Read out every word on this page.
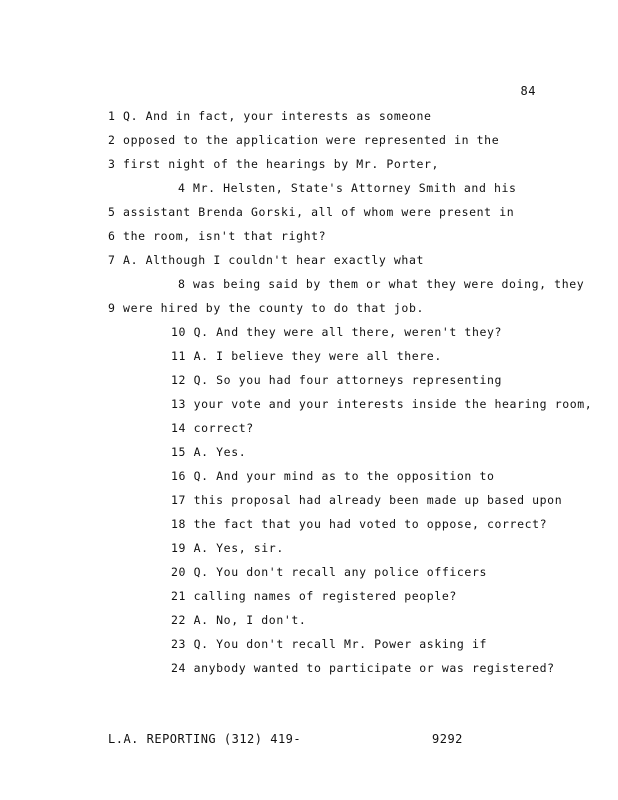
84
1 Q. And in fact, your interests as someone
2 opposed to the application were represented in the
3 first night of the hearings by Mr. Porter,
4 Mr. Helsten, State's Attorney Smith and his
5 assistant Brenda Gorski, all of whom were present in
6 the room, isn't that right?
7 A. Although I couldn't hear exactly what
8 was being said by them or what they were doing, they
9 were hired by the county to do that job.
10 Q. And they were all there, weren't they?
11 A. I believe they were all there.
12 Q. So you had four attorneys representing
13 your vote and your interests inside the hearing room,
14 correct?
15 A. Yes.
16 Q. And your mind as to the opposition to
17 this proposal had already been made up based upon
18 the fact that you had voted to oppose, correct?
19 A. Yes, sir.
20 Q. You don't recall any police officers
21 calling names of registered people?
22 A. No, I don't.
23 Q. You don't recall Mr. Power asking if
24 anybody wanted to participate or was registered?
L.A. REPORTING (312) 419-	9292
